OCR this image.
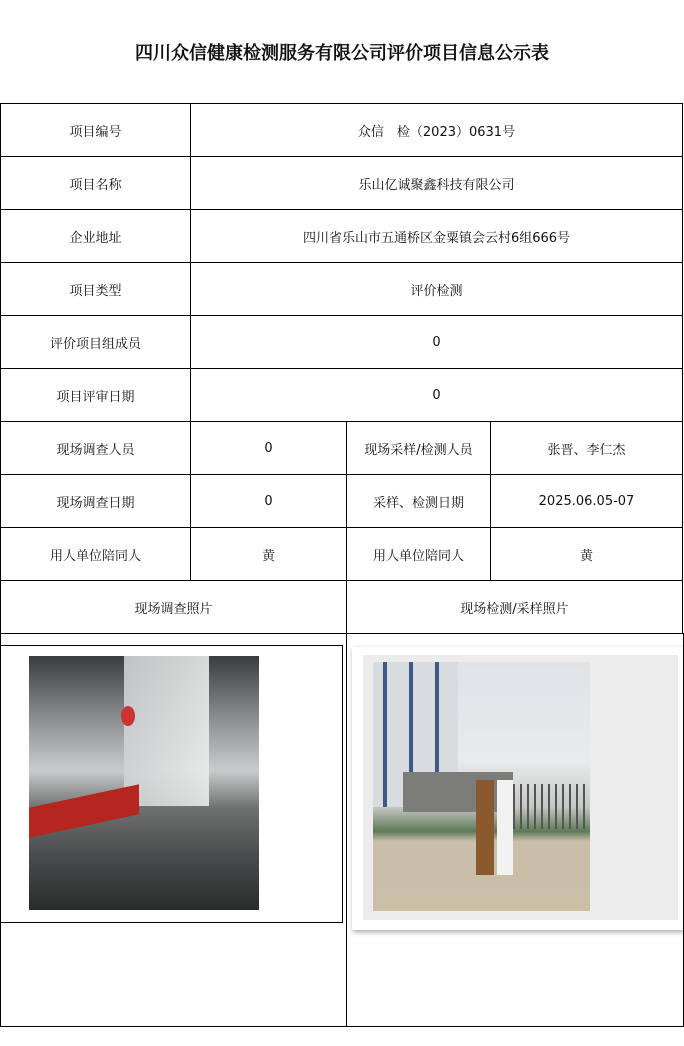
四川众信健康检测服务有限公司评价项目信息公示表
项目编号	众信　检（2023）0631号
项目名称	乐山亿诚聚鑫科技有限公司
企业地址	四川省乐山市五通桥区金粟镇会云村6组666号
项目类型	评价检测
评价项目组成员	0
项目评审日期	0
现场调查人员	0	现场采样/检测人员	张晋、李仁杰
现场调查日期	0	采样、检测日期	2025.06.05-07
用人单位陪同人	黄	用人单位陪同人	黄
现场调查照片	现场检测/采样照片
